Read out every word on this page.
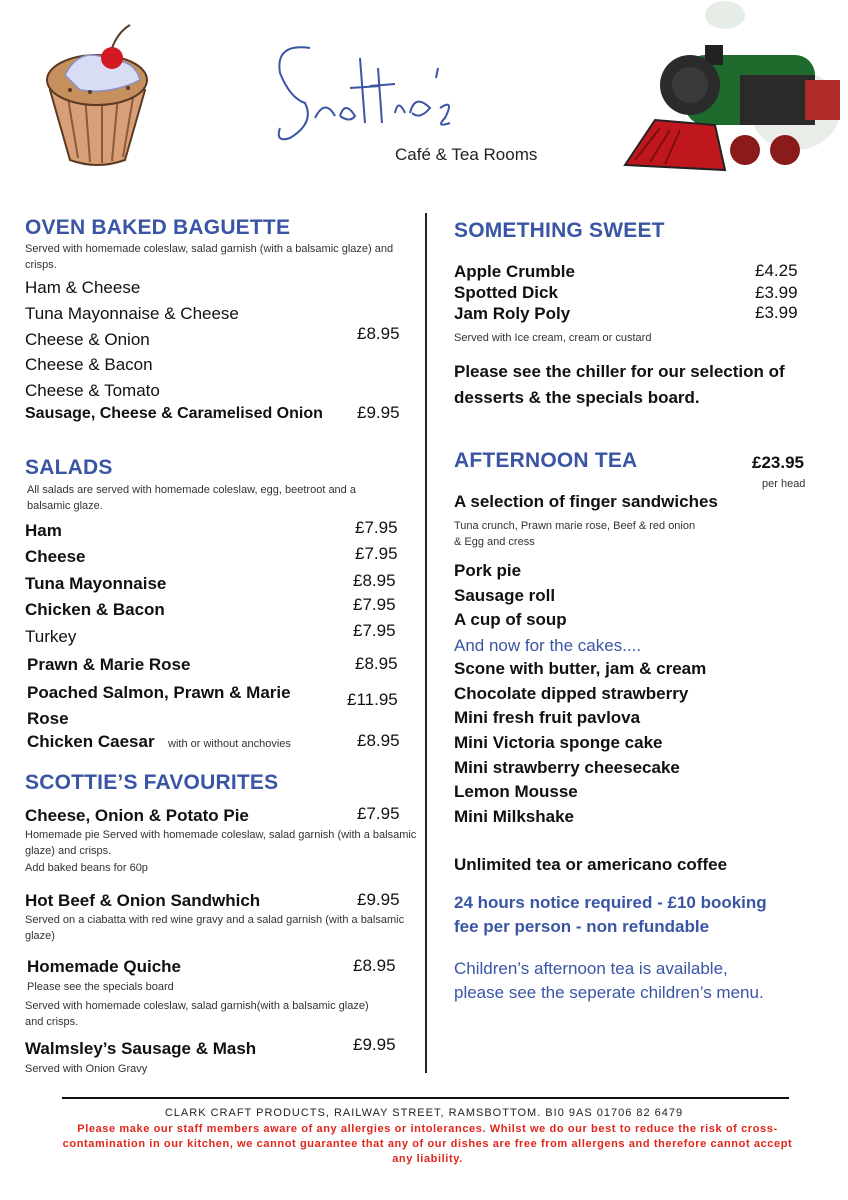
Café & Tea Rooms
OVEN BAKED BAGUETTE
Served with homemade coleslaw, salad garnish (with a balsamic glaze) and crisps.
Ham & Cheese
Tuna Mayonnaise & Cheese
Cheese & Onion
Cheese & Bacon
Cheese & Tomato
£8.95
Sausage, Cheese & Caramelised Onion £9.95
SALADS
All salads are served with homemade coleslaw, egg, beetroot and a balsamic glaze.
Ham	£7.95
Cheese	£7.95
Tuna Mayonnaise	£8.95
Chicken & Bacon	£7.95
Turkey	£7.95
Prawn & Marie Rose	£8.95
Poached Salmon, Prawn & Marie Rose
£11.95
Chicken Caesar with or without anchovies	£8.95
SCOTTIE’S FAVOURITES
Cheese, Onion & Potato Pie	£7.95
Homemade pie Served with homemade coleslaw, salad garnish (with a balsamic glaze) and crisps.
Add baked beans for 60p
Hot Beef & Onion Sandwhich	£9.95
Served on a ciabatta with red wine gravy and a salad garnish (with a balsamic glaze)
Homemade Quiche	£8.95
Please see the specials board
Served with homemade coleslaw, salad garnish(with a balsamic glaze) and crisps.
Walmsley’s Sausage & Mash	£9.95
Served with Onion Gravy
SOMETHING SWEET
Apple Crumble	£4.25
Spotted Dick	£3.99
Jam Roly Poly	£3.99
Served with Ice cream, cream or custard
Please see the chiller for our selection of
desserts & the specials board.
AFTERNOON TEA	£23.95
per head
A selection of finger sandwiches
Tuna crunch, Prawn marie rose, Beef & red onion
& Egg and cress
Pork pie
Sausage roll
A cup of soup
And now for the cakes....
Scone with butter, jam & cream
Chocolate dipped strawberry
Mini fresh fruit pavlova
Mini Victoria sponge cake
Mini strawberry cheesecake
Lemon Mousse
Mini Milkshake
Unlimited tea or americano coffee
24 hours notice required - £10 booking
fee per person - non refundable
Children’s afternoon tea is available,
please see the seperate children’s menu.
CLARK CRAFT PRODUCTS, RAILWAY STREET, RAMSBOTTOM. BI0 9AS 01706 82 6479
Please make our staff members aware of any allergies or intolerances. Whilst we do our best to reduce the risk of cross-contamination in our kitchen, we cannot guarantee that any of our dishes are free from allergens and therefore cannot accept any liability.
